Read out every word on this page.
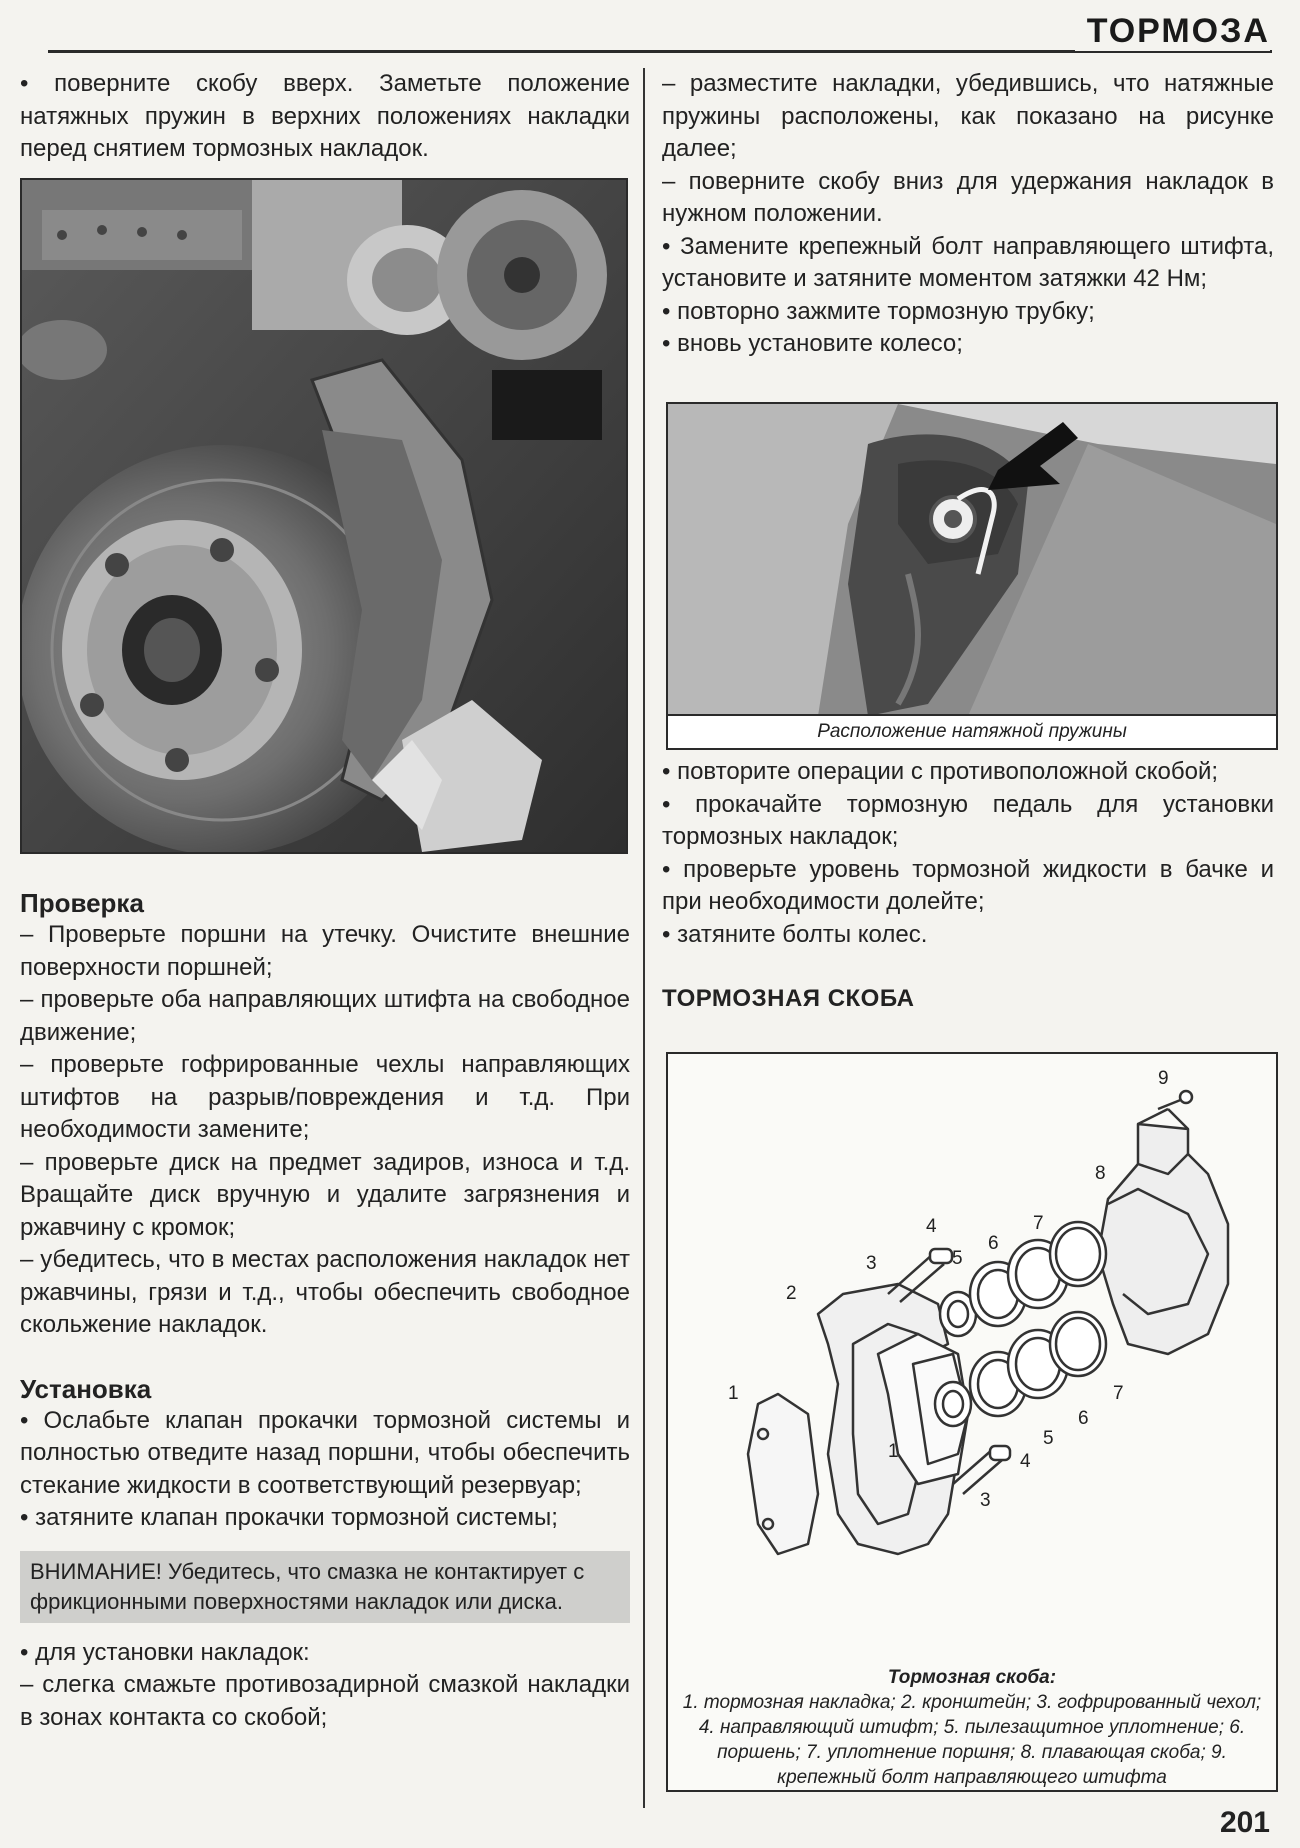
ТОРМОЗА

• поверните скобу вверх. Заметьте положение натяжных пружин в верхних положениях накладки перед снятием тормозных накладок.

Проверка

– Проверьте поршни на утечку. Очистите внешние поверхности поршней;

– проверьте оба направляющих штифта на свободное движение;

– проверьте гофрированные чехлы направляющих штифтов на разрыв/повреждения и т.д. При необходимости замените;

– проверьте диск на предмет задиров, износа и т.д. Вращайте диск вручную и удалите загрязнения и ржавчину с кромок;

– убедитесь, что в местах расположения накладок нет ржавчины, грязи и т.д., чтобы обеспечить свободное скольжение накладок.

Установка

• Ослабьте клапан прокачки тормозной системы и полностью отведите назад поршни, чтобы обеспечить стекание жидкости в соответствующий резервуар;

• затяните клапан прокачки тормозной системы;

ВНИМАНИЕ! Убедитесь, что смазка не контактирует с фрикционными поверхностями накладок или диска.

• для установки накладок:

– слегка смажьте противозадирной смазкой накладки в зонах контакта со скобой;

– разместите накладки, убедившись, что натяжные пружины расположены, как показано на рисунке далее;

– поверните скобу вниз для удержания накладок в нужном положении.

• Замените крепежный болт направляющего штифта, установите и затяните моментом затяжки 42 Нм;

• повторно зажмите тормозную трубку;

• вновь установите колесо;

Расположение натяжной пружины

• повторите операции с противоположной скобой;

• прокачайте тормозную педаль для установки тормозных накладок;

• проверьте уровень тормозной жидкости в бачке и при необходимости долейте;

• затяните болты колес.

ТОРМОЗНАЯ СКОБА

1
2
3
4
5
6
7
8
9
1
3
4
5
6
7

Тормозная скоба:

1. тормозная накладка; 2. кронштейн; 3. гофрированный чехол; 4. направляющий штифт; 5. пылезащитное уплотнение; 6. поршень; 7. уплотнение поршня; 8. плавающая скоба; 9. крепежный болт направляющего штифта

201
